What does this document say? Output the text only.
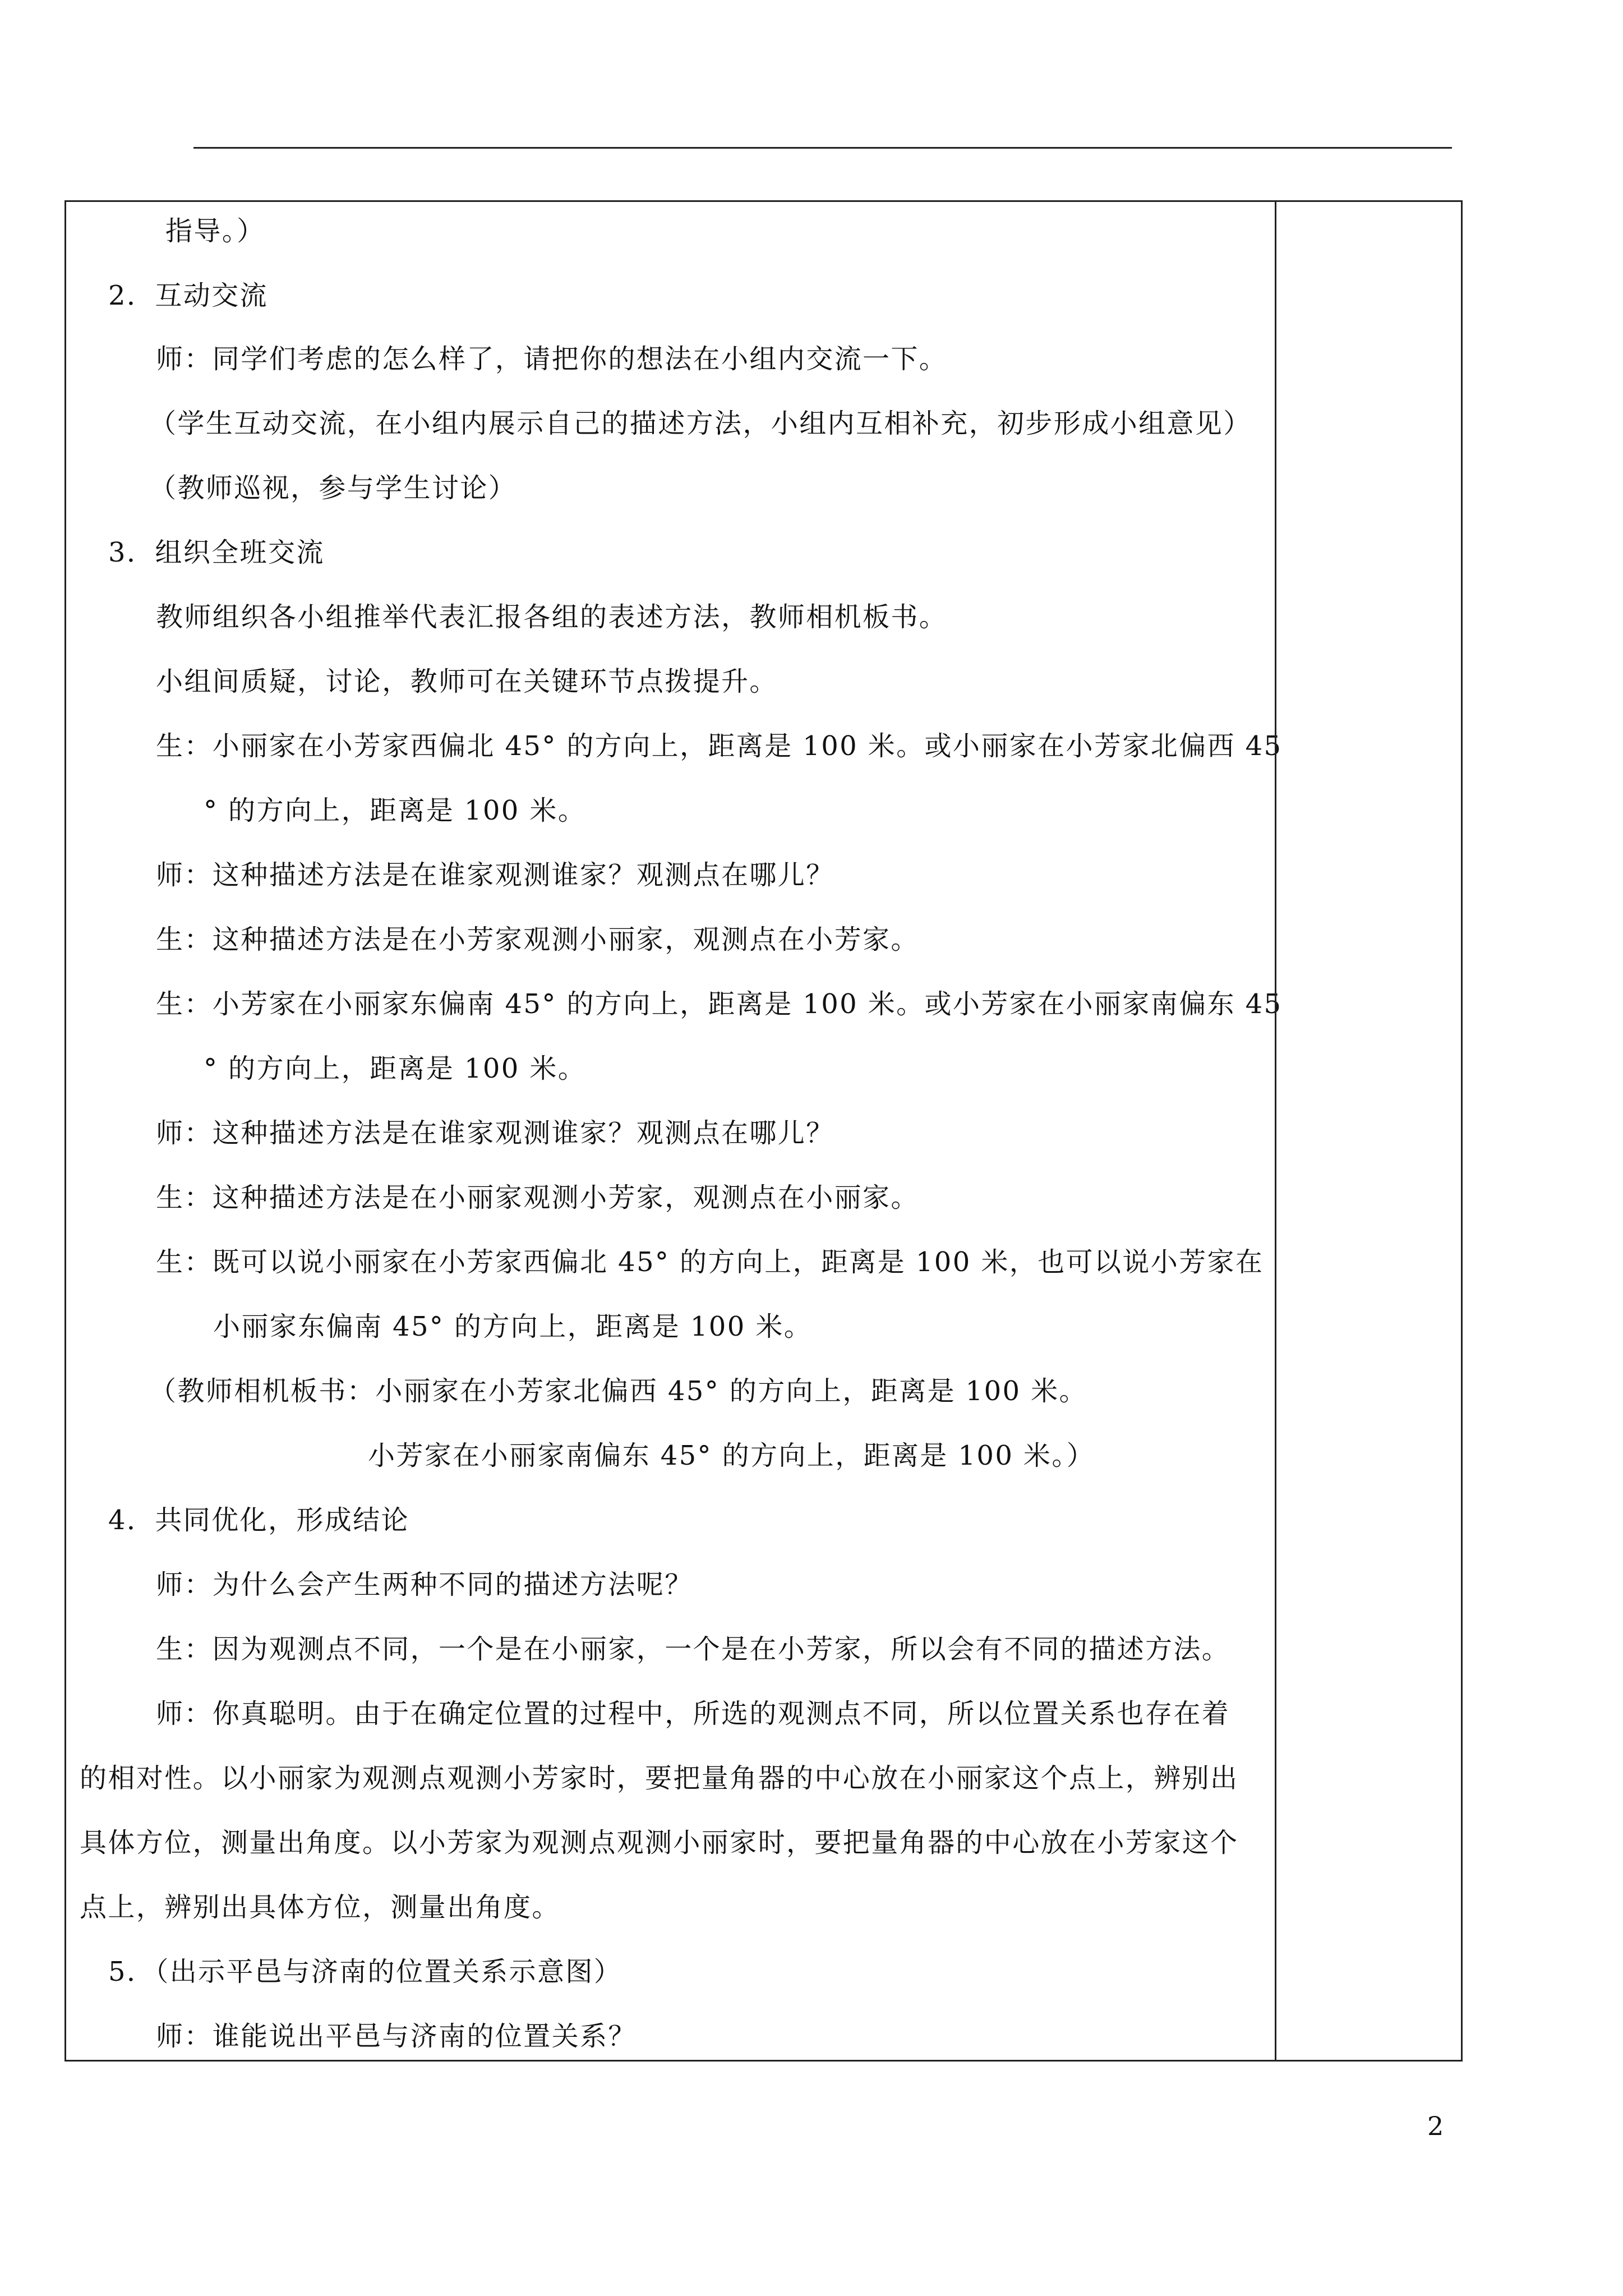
指导。）
2．互动交流
师：同学们考虑的怎么样了，请把你的想法在小组内交流一下。
（学生互动交流，在小组内展示自己的描述方法，小组内互相补充，初步形成小组意见）
（教师巡视，参与学生讨论）
3．组织全班交流
教师组织各小组推举代表汇报各组的表述方法，教师相机板书。
小组间质疑，讨论，教师可在关键环节点拨提升。
生：小丽家在小芳家西偏北 45° 的方向上，距离是 100 米。或小丽家在小芳家北偏西 45
° 的方向上，距离是 100 米。
师：这种描述方法是在谁家观测谁家？观测点在哪儿？
生：这种描述方法是在小芳家观测小丽家，观测点在小芳家。
生：小芳家在小丽家东偏南 45° 的方向上，距离是 100 米。或小芳家在小丽家南偏东 45
° 的方向上，距离是 100 米。
师：这种描述方法是在谁家观测谁家？观测点在哪儿？
生：这种描述方法是在小丽家观测小芳家，观测点在小丽家。
生：既可以说小丽家在小芳家西偏北 45° 的方向上，距离是 100 米，也可以说小芳家在
小丽家东偏南 45° 的方向上，距离是 100 米。
（教师相机板书：小丽家在小芳家北偏西 45° 的方向上，距离是 100 米。
小芳家在小丽家南偏东 45° 的方向上，距离是 100 米。）
4．共同优化，形成结论
师：为什么会产生两种不同的描述方法呢？
生：因为观测点不同，一个是在小丽家，一个是在小芳家，所以会有不同的描述方法。
师：你真聪明。由于在确定位置的过程中，所选的观测点不同，所以位置关系也存在着
的相对性。以小丽家为观测点观测小芳家时，要把量角器的中心放在小丽家这个点上，辨别出
具体方位，测量出角度。以小芳家为观测点观测小丽家时，要把量角器的中心放在小芳家这个
点上，辨别出具体方位，测量出角度。
5．（出示平邑与济南的位置关系示意图）
师：谁能说出平邑与济南的位置关系？
2
